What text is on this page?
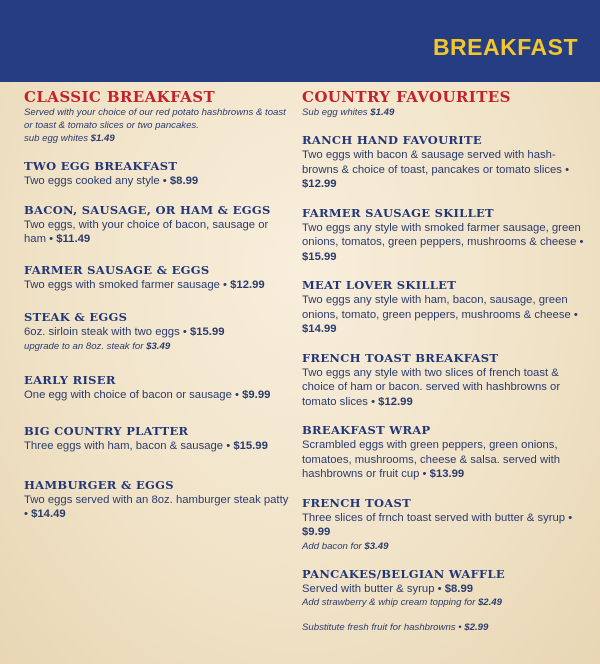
BREAKFAST
CLASSIC BREAKFAST
Served with your choice of our red potato hashbrowns & toast or toast & tomato slices or two pancakes.
sub egg whites $1.49
TWO EGG BREAKFAST
Two eggs cooked any style • $8.99
BACON, SAUSAGE, OR HAM & EGGS
Two eggs, with your choice of bacon, sausage or ham • $11.49
FARMER SAUSAGE & EGGS
Two eggs with smoked farmer sausage • $12.99
STEAK & EGGS
6oz. sirloin steak with two eggs • $15.99
upgrade to an 8oz. steak for $3.49
EARLY RISER
One egg with choice of bacon or sausage • $9.99
BIG COUNTRY PLATTER
Three eggs with ham, bacon & sausage • $15.99
HAMBURGER & EGGS
Two eggs served with an 8oz. hamburger steak patty • $14.49
COUNTRY FAVOURITES
Sub egg whites $1.49
RANCH HAND FAVOURITE
Two eggs with bacon & sausage served with hash-browns & choice of toast, pancakes or tomato slices • $12.99
FARMER SAUSAGE SKILLET
Two eggs any style with smoked farmer sausage, green onions, tomatos, green peppers, mushrooms & cheese • $15.99
MEAT LOVER SKILLET
Two eggs any style with ham, bacon, sausage, green onions, tomato, green peppers, mushrooms & cheese • $14.99
FRENCH TOAST BREAKFAST
Two eggs any style with two slices of french toast & choice of ham or bacon. served with hashbrowns or tomato slices • $12.99
BREAKFAST WRAP
Scrambled eggs with green peppers, green onions, tomatoes, mushrooms, cheese & salsa. served with hashbrowns or fruit cup • $13.99
FRENCH TOAST
Three slices of frnch toast served with butter & syrup • $9.99
Add bacon for $3.49
PANCAKES/BELGIAN WAFFLE
Served with butter & syrup • $8.99
Add strawberry & whip cream topping for $2.49
Substitute fresh fruit for hashbrowns • $2.99
